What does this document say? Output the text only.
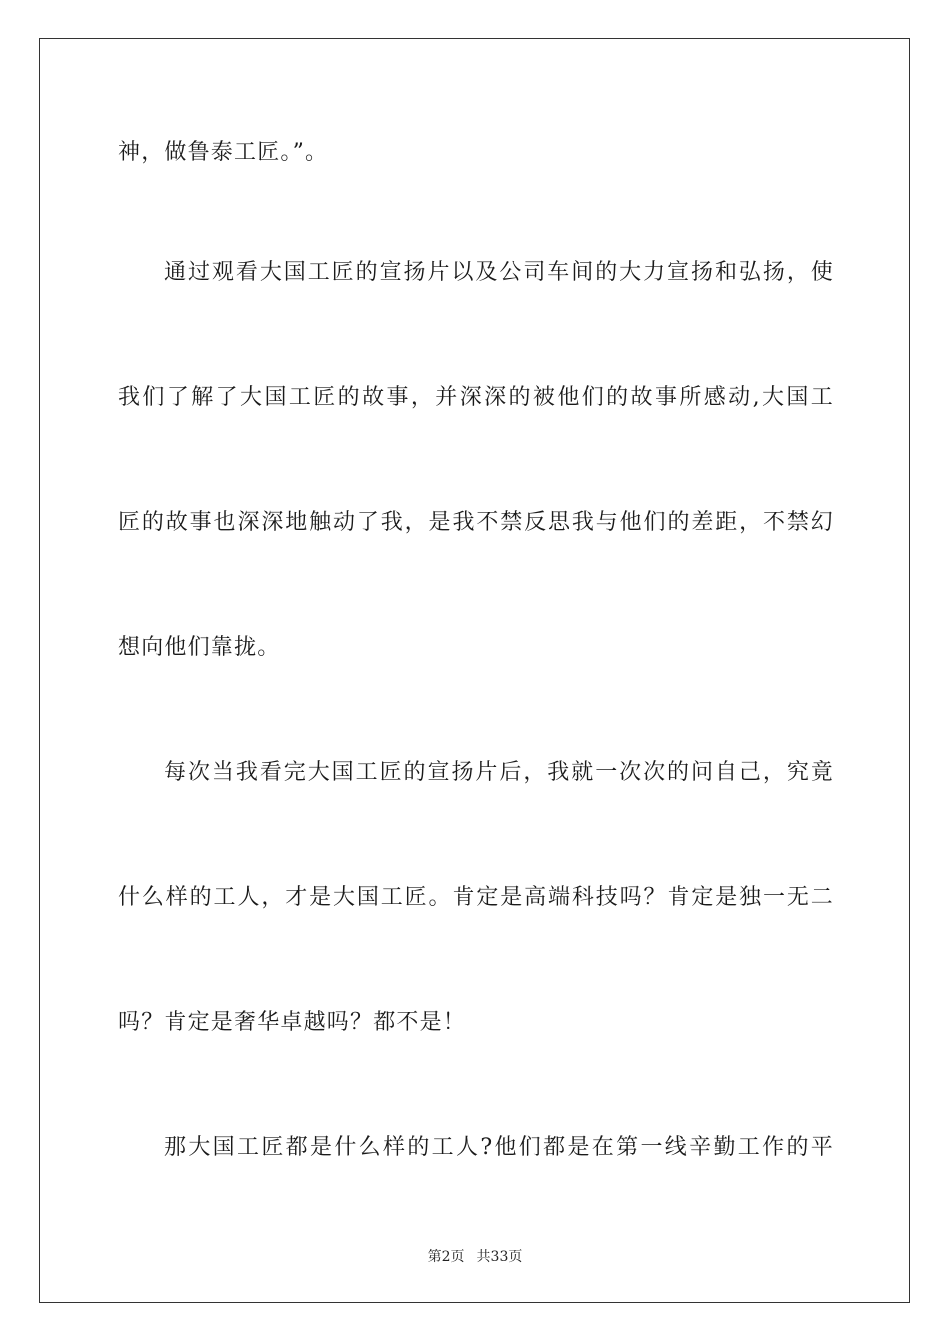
神，做鲁泰工匠。”。
通过观看大国工匠的宣扬片以及公司车间的大力宣扬和弘扬，使
我们了解了大国工匠的故事，并深深的被他们的故事所感动,大国工
匠的故事也深深地触动了我，是我不禁反思我与他们的差距，不禁幻
想向他们靠拢。
每次当我看完大国工匠的宣扬片后，我就一次次的问自己，究竟
什么样的工人，才是大国工匠。肯定是高端科技吗？肯定是独一无二
吗？肯定是奢华卓越吗？都不是！
那大国工匠都是什么样的工人?他们都是在第一线辛勤工作的平
第2页 共33页
